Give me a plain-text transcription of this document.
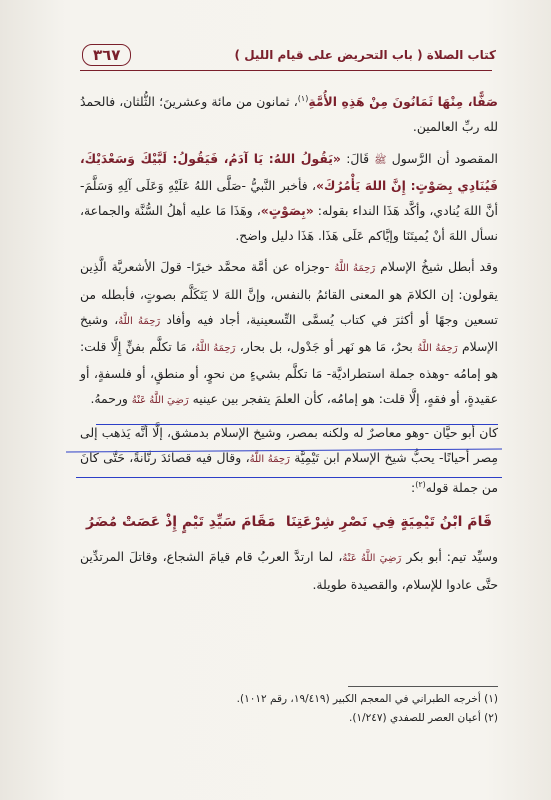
كتاب الصلاة ( باب التحريض على قيام الليل )
٣٦٧

صَفًّا، مِنْهَا ثَمَانُونَ مِنْ هَذِهِ الأُمَّةِ$^{(١)}$، ثمانون من مائة وعشرينَ؛ الثُّلثان، فالحمدُ لله ربِّ العالمين.

المقصود أن الرَّسول ﷺ قَالَ: «يَقُولُ اللهُ: يَا آدَمُ، فَيَقُولُ: لَبَّيْكَ وَسَعْدَيْكَ، فَيُنَادِي بِصَوْتٍ: إِنَّ اللهَ يَأْمُرُكَ»، فأخبر النَّبيُّ -صَلَّى اللهُ عَلَيْهِ وَعَلَى آلِهِ وَسَلَّمَ- أنَّ اللهَ يُنادي، وأكَّد هَذَا النداء بقوله: «بِصَوْتٍ»، وهَذَا مَا عليه أهلُ السُّنَّة والجماعة، نسأل اللهَ أنْ يُميتَنَا وإيَّاكم عَلَى هَذَا. هَذَا دليل واضح.

وقد أبطل شيخُ الإسلام رَحِمَهُ اللَّهُ -وجزاه عن أمَّة محمَّد خيرًا- قولَ الأشعريَّة الَّذِين يقولون: إن الكلامَ هو المعنى القائمُ بالنفس، وإنَّ اللهَ لا يَتَكَلَّم بصوتٍ، فأبطله من تسعين وجهًا أو أكثرَ في كتاب يُسمَّى التِّسعينية، أجاد فيه وأفاد رَحِمَهُ اللَّهُ، وشيخ الإسلام رَحِمَهُ اللَّهُ بحرٌ، مَا هو نَهر أو جَدْول، بل بحار، رَحِمَهُ اللَّهُ، مَا تكلَّم بفنٍّ إِلَّا قلت: هو إمامُه -وهذه جملة استطراديَّة- مَا تكلَّم بشيءٍ من نحوٍ، أو منطقٍ، أو فلسفةٍ، أو عقيدةٍ، أو فقهٍ، إلَّا قلت: هو إمامُه، كأن العلمَ يتفجر بين عينيه رَضِيَ اللَّهُ عَنْهُ ورحمهُ.

كان أبو حيَّان -وهو معاصرٌ له ولكنه بمصر، وشيخ الإسلام بدمشق، إلَّا أنَّه يَذهب إلى مِصر أحيانًا- يحبُّ شيخ الإسلام ابن تَيْمِيَّة رَحِمَهُ اللَّهُ، وقال فيه قصائدَ رنَّانةً، حَتَّى كَانَ من جملة قوله$^{(٢)}$:

قَامَ ابْنُ تَيْمِيَةٍ فِي نَصْرِ شِرْعَتِنَا
مَقَامَ سَيِّدِ تَيْمٍ إِذْ عَصَتْ مُضَرُ

وسيِّد تيم: أبو بكر رَضِيَ اللَّهُ عَنْهُ، لما ارتدَّ العربُ قام قيامَ الشجاع، وقاتلَ المرتدِّين حتَّى عادوا للإسلام، والقصيدة طويلة.

(١) أخرجه الطبراني في المعجم الكبير (١٩/٤١٩، رقم ١٠١٢).
(٢) أعيان العصر للصفدي (١/٢٤٧).
